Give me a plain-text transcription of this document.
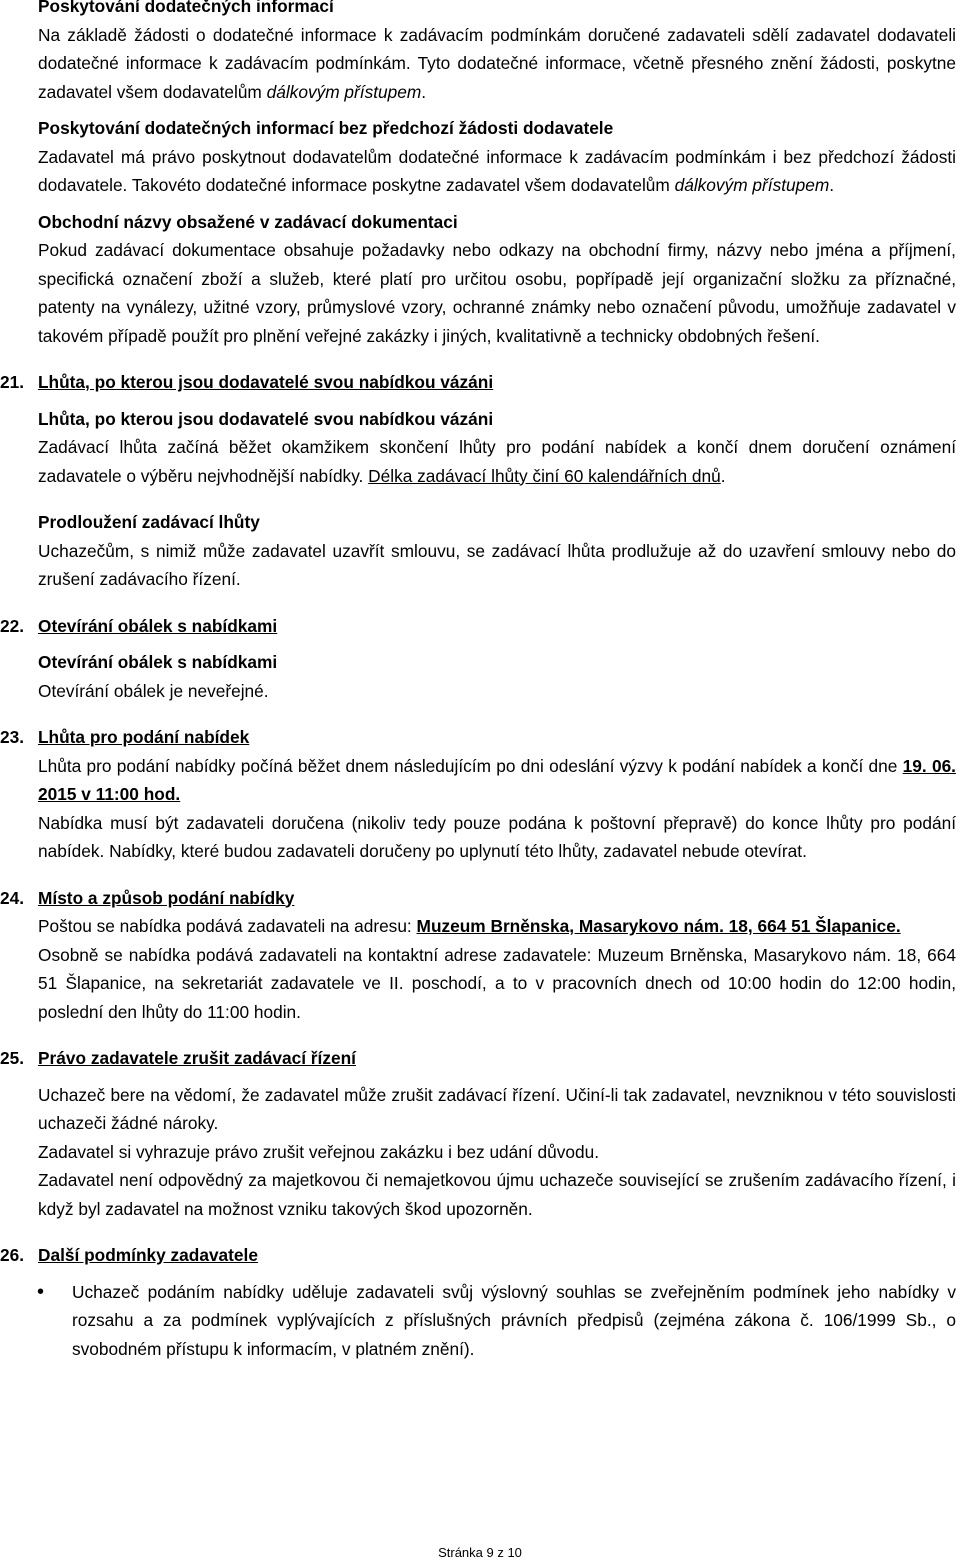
Poskytování dodatečných informací

Na základě žádosti o dodatečné informace k zadávacím podmínkám doručené zadavateli sdělí zadavatel dodavateli dodatečné informace k zadávacím podmínkám. Tyto dodatečné informace, včetně přesného znění žádosti, poskytne zadavatel všem dodavatelům dálkovým přístupem.

Poskytování dodatečných informací bez předchozí žádosti dodavatele

Zadavatel má právo poskytnout dodavatelům dodatečné informace k zadávacím podmínkám i bez předchozí žádosti dodavatele. Takovéto dodatečné informace poskytne zadavatel všem dodavatelům dálkovým přístupem.

Obchodní názvy obsažené v zadávací dokumentaci

Pokud zadávací dokumentace obsahuje požadavky nebo odkazy na obchodní firmy, názvy nebo jména a příjmení, specifická označení zboží a služeb, které platí pro určitou osobu, popřípadě její organizační složku za příznačné, patenty na vynálezy, užitné vzory, průmyslové vzory, ochranné známky nebo označení původu, umožňuje zadavatel v takovém případě použít pro plnění veřejné zakázky i jiných, kvalitativně a technicky obdobných řešení.

21. Lhůta, po kterou jsou dodavatelé svou nabídkou vázáni

Lhůta, po kterou jsou dodavatelé svou nabídkou vázáni

Zadávací lhůta začíná běžet okamžikem skončení lhůty pro podání nabídek a končí dnem doručení oznámení zadavatele o výběru nejvhodnější nabídky. Délka zadávací lhůty činí 60 kalendářních dnů.

Prodloužení zadávací lhůty

Uchazečům, s nimiž může zadavatel uzavřít smlouvu, se zadávací lhůta prodlužuje až do uzavření smlouvy nebo do zrušení zadávacího řízení.

22. Otevírání obálek s nabídkami

Otevírání obálek s nabídkami

Otevírání obálek je neveřejné.

23. Lhůta pro podání nabídek

Lhůta pro podání nabídky počíná běžet dnem následujícím po dni odeslání výzvy k podání nabídek a končí dne 19. 06. 2015 v 11:00 hod.

Nabídka musí být zadavateli doručena (nikoliv tedy pouze podána k poštovní přepravě) do konce lhůty pro podání nabídek. Nabídky, které budou zadavateli doručeny po uplynutí této lhůty, zadavatel nebude otevírat.

24. Místo a způsob podání nabídky

Poštou se nabídka podává zadavateli na adresu: Muzeum Brněnska, Masarykovo nám. 18, 664 51 Šlapanice.

Osobně se nabídka podává zadavateli na kontaktní adrese zadavatele: Muzeum Brněnska, Masarykovo nám. 18, 664 51 Šlapanice, na sekretariát zadavatele ve II. poschodí, a to v pracovních dnech od 10:00 hodin do 12:00 hodin, poslední den lhůty do 11:00 hodin.

25. Právo zadavatele zrušit zadávací řízení

Uchazeč bere na vědomí, že zadavatel může zrušit zadávací řízení. Učiní-li tak zadavatel, nevzniknou v této souvislosti uchazeči žádné nároky.

Zadavatel si vyhrazuje právo zrušit veřejnou zakázku i bez udání důvodu.

Zadavatel není odpovědný za majetkovou či nemajetkovou újmu uchazeče související se zrušením zadávacího řízení, i když byl zadavatel na možnost vzniku takových škod upozorněn.

26. Další podmínky zadavatele

• Uchazeč podáním nabídky uděluje zadavateli svůj výslovný souhlas se zveřejněním podmínek jeho nabídky v rozsahu a za podmínek vyplývajících z příslušných právních předpisů (zejména zákona č. 106/1999 Sb., o svobodném přístupu k informacím, v platném znění).
Stránka 9 z 10
